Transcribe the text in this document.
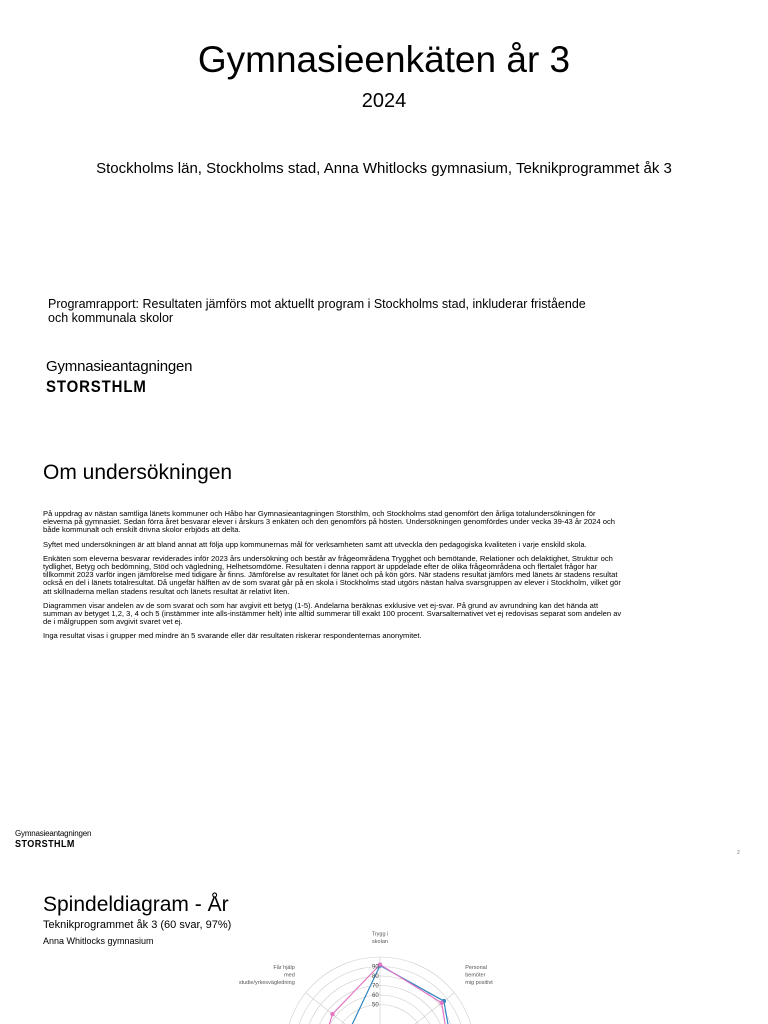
Gymnasieenkäten år 3
2024
Stockholms län, Stockholms stad, Anna Whitlocks gymnasium, Teknikprogrammet åk 3
Programrapport: Resultaten jämförs mot aktuellt program i Stockholms stad, inkluderar fristående
och kommunala skolor
Gymnasieantagningen
STORSTHLM
Om undersökningen

På uppdrag av nästan samtliga länets kommuner och Håbo har Gymnasieantagningen Storsthlm, och Stockholms stad genomfört den årliga totalundersökningen för eleverna på gymnasiet. Sedan förra året besvarar elever i årskurs 3 enkäten och den genomförs på hösten. Undersökningen genomfördes under vecka 39-43 år 2024 och både kommunalt och enskilt drivna skolor erbjöds att delta.

Syftet med undersökningen är att bland annat att följa upp kommunernas mål för verksamheten samt att utveckla den pedagogiska kvaliteten i varje enskild skola.

Enkäten som eleverna besvarar reviderades inför 2023 års undersökning och består av frågeområdena Trygghet och bemötande, Relationer och delaktighet, Struktur och tydlighet, Betyg och bedömning, Stöd och vägledning, Helhetsomdöme. Resultaten i denna rapport är uppdelade efter de olika frågeområdena och flertalet frågor har tillkommit 2023 varför ingen jämförelse med tidigare år finns. Jämförelse av resultatet för länet och på kön görs. När stadens resultat jämförs med länets är stadens resultat också en del i länets totalresultat. Då ungefär hälften av de som svarat går på en skola i Stockholms stad utgörs nästan halva svarsgruppen av elever i Stockholm, vilket gör att skillnaderna mellan stadens resultat och länets resultat är relativt liten.

Diagrammen visar andelen av de som svarat och som har avgivit ett betyg (1-5). Andelarna beräknas exklusive vet ej-svar. På grund av avrundning kan det hända att summan av betyget 1,2, 3, 4 och 5 (instämmer inte alls-instämmer helt) inte alltid summerar till exakt 100 procent. Svarsalternativet vet ej redovisas separat som andelen av de i målgruppen som avgivit svaret vet ej.

Inga resultat visas i grupper med mindre än 5 svarande eller där resultaten riskerar respondenternas anonymitet.

Gymnasieantagningen
STORSTHLM
2
Spindeldiagram - År
Teknikprogrammet åk 3 (60 svar, 97%)
Anna Whitlocks gymnasium
90
80
70
60
50
Trygg i skolan
Personal bemöter mig positivt
Får hjälp med studie/yrkesvägledning
